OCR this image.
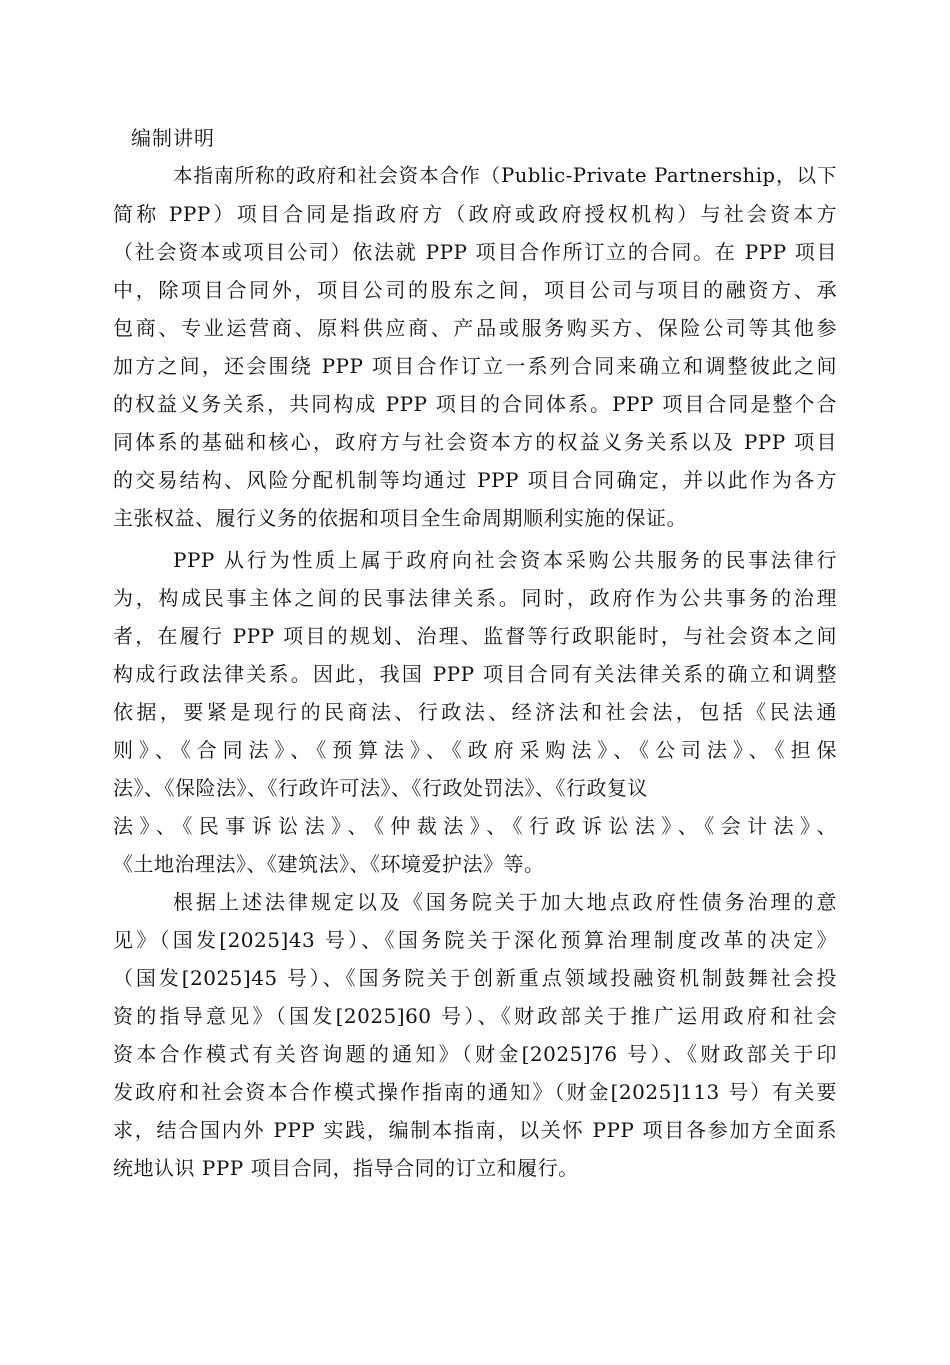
编制讲明
本指南所称的政府和社会资本合作（Public-Private Partnership，以下
简称 PPP）项目合同是指政府方（政府或政府授权机构）与社会资本方
（社会资本或项目公司）依法就 PPP 项目合作所订立的合同。在 PPP 项目
中，除项目合同外，项目公司的股东之间，项目公司与项目的融资方、承
包商、专业运营商、原料供应商、产品或服务购买方、保险公司等其他参
加方之间，还会围绕 PPP 项目合作订立一系列合同来确立和调整彼此之间
的权益义务关系，共同构成 PPP 项目的合同体系。PPP 项目合同是整个合
同体系的基础和核心，政府方与社会资本方的权益义务关系以及 PPP 项目
的交易结构、风险分配机制等均通过 PPP 项目合同确定，并以此作为各方
主张权益、履行义务的依据和项目全生命周期顺利实施的保证。
PPP 从行为性质上属于政府向社会资本采购公共服务的民事法律行
为，构成民事主体之间的民事法律关系。同时，政府作为公共事务的治理
者，在履行 PPP 项目的规划、治理、监督等行政职能时，与社会资本之间
构成行政法律关系。因此，我国 PPP 项目合同有关法律关系的确立和调整
依据，要紧是现行的民商法、行政法、经济法和社会法，包括《民法通
则》、《合同法》、《预算法》、《政府采购法》、《公司法》、《担保
法》、《保险法》、《行政许可法》、《行政处罚法》、《行政复议
法》、《民事诉讼法》、《仲裁法》、《行政诉讼法》、《会计法》、
《土地治理法》、《建筑法》、《环境爱护法》等。
根据上述法律规定以及《国务院关于加大地点政府性债务治理的意
见》（国发[2025]43 号）、《国务院关于深化预算治理制度改革的决定》
（国发[2025]45 号）、《国务院关于创新重点领域投融资机制鼓舞社会投
资的指导意见》（国发[2025]60 号）、《财政部关于推广运用政府和社会
资本合作模式有关咨询题的通知》（财金[2025]76 号）、《财政部关于印
发政府和社会资本合作模式操作指南的通知》（财金[2025]113 号）有关要
求，结合国内外 PPP 实践，编制本指南，以关怀 PPP 项目各参加方全面系
统地认识 PPP 项目合同，指导合同的订立和履行。
